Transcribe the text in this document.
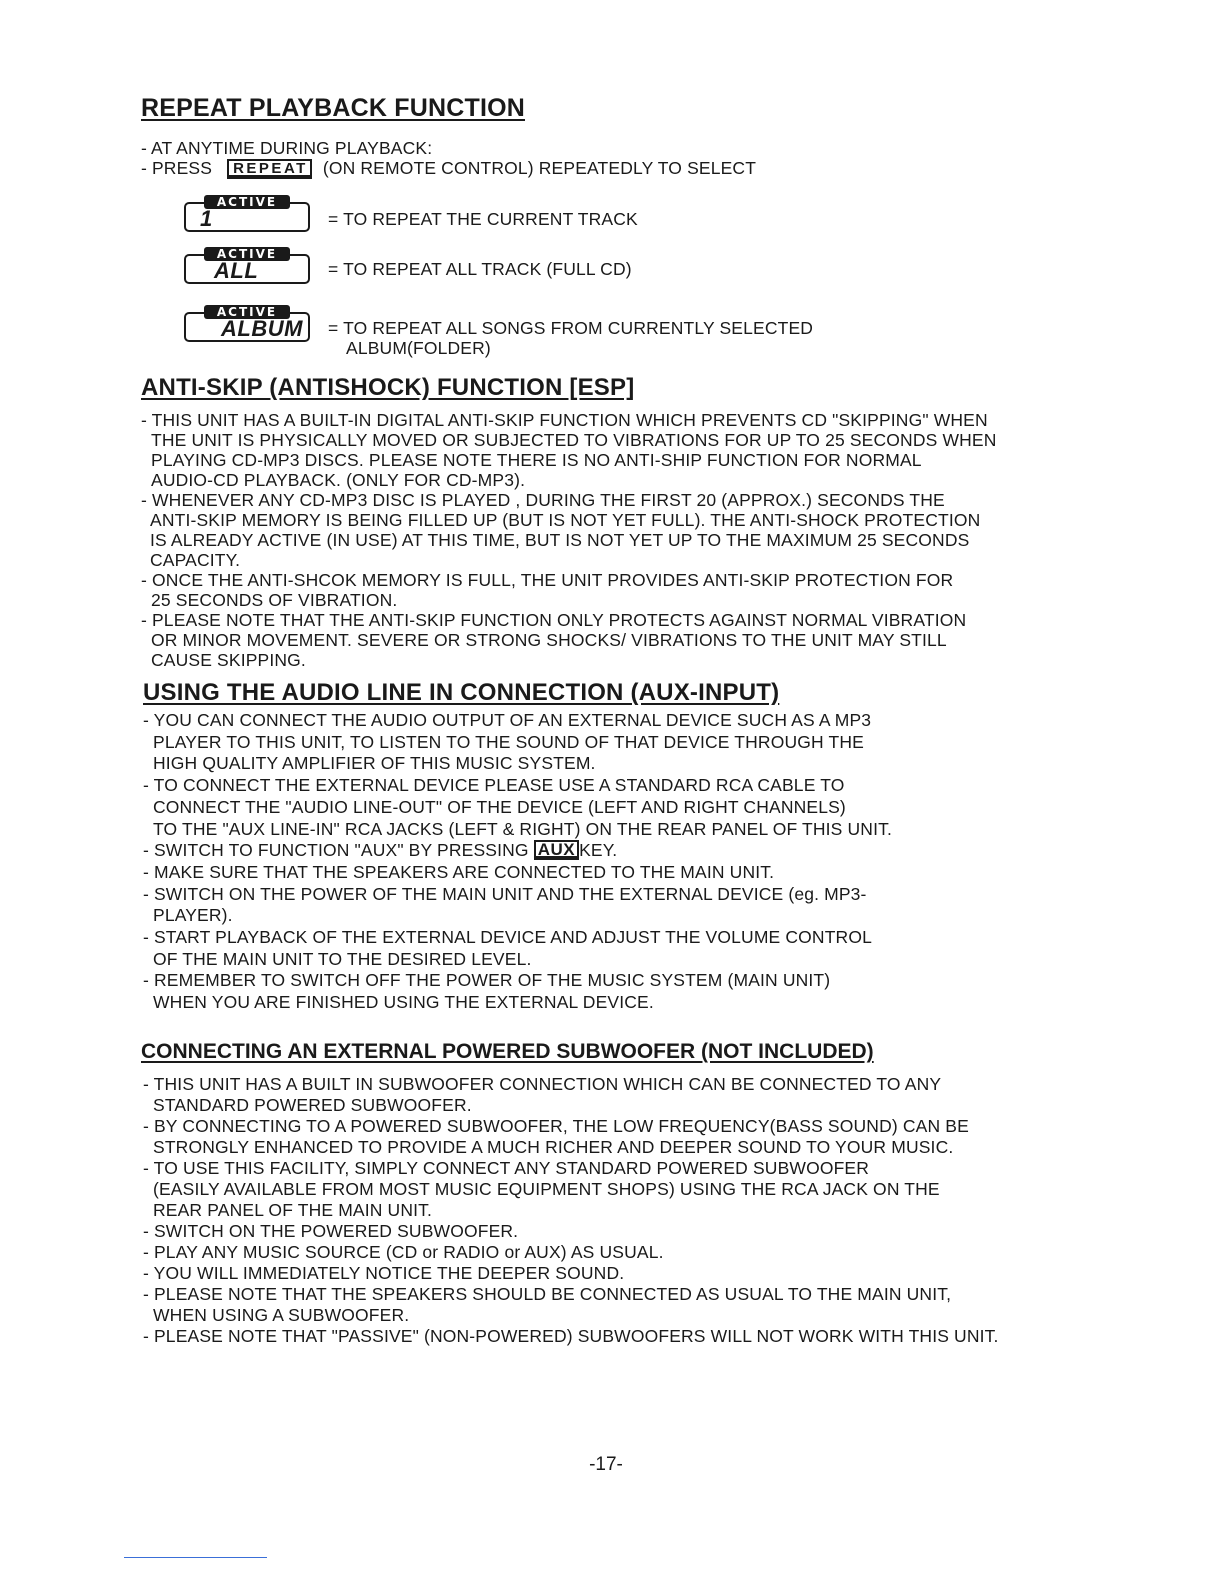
REPEAT PLAYBACK FUNCTION
- AT ANYTIME DURING PLAYBACK:
- PRESS REPEAT (ON REMOTE CONTROL) REPEATEDLY TO SELECT
ACTIVE
1	= TO REPEAT THE CURRENT TRACK
ACTIVE
ALL	= TO REPEAT ALL TRACK (FULL CD)
ACTIVE
ALBUM = TO REPEAT ALL SONGS FROM CURRENTLY SELECTED
ALBUM(FOLDER)
ANTI-SKIP (ANTISHOCK) FUNCTION [ESP]
- THIS UNIT HAS A BUILT-IN DIGITAL ANTI-SKIP FUNCTION WHICH PREVENTS CD "SKIPPING" WHEN
THE UNIT IS PHYSICALLY MOVED OR SUBJECTED TO VIBRATIONS FOR UP TO 25 SECONDS WHEN
PLAYING CD-MP3 DISCS. PLEASE NOTE THERE IS NO ANTI-SHIP FUNCTION FOR NORMAL
AUDIO-CD PLAYBACK. (ONLY FOR CD-MP3).
- WHENEVER ANY CD-MP3 DISC IS PLAYED , DURING THE FIRST 20 (APPROX.) SECONDS THE
ANTI-SKIP MEMORY IS BEING FILLED UP (BUT IS NOT YET FULL). THE ANTI-SHOCK PROTECTION
IS ALREADY ACTIVE (IN USE) AT THIS TIME, BUT IS NOT YET UP TO THE MAXIMUM 25 SECONDS
CAPACITY.
- ONCE THE ANTI-SHCOK MEMORY IS FULL, THE UNIT PROVIDES ANTI-SKIP PROTECTION FOR
25 SECONDS OF VIBRATION.
- PLEASE NOTE THAT THE ANTI-SKIP FUNCTION ONLY PROTECTS AGAINST NORMAL VIBRATION
OR MINOR MOVEMENT. SEVERE OR STRONG SHOCKS/ VIBRATIONS TO THE UNIT MAY STILL
CAUSE SKIPPING.
USING THE AUDIO LINE IN CONNECTION (AUX-INPUT)
- YOU CAN CONNECT THE AUDIO OUTPUT OF AN EXTERNAL DEVICE SUCH AS A MP3
PLAYER TO THIS UNIT, TO LISTEN TO THE SOUND OF THAT DEVICE THROUGH THE
HIGH QUALITY AMPLIFIER OF THIS MUSIC SYSTEM.
- TO CONNECT THE EXTERNAL DEVICE PLEASE USE A STANDARD RCA CABLE TO
CONNECT THE "AUDIO LINE-OUT" OF THE DEVICE (LEFT AND RIGHT CHANNELS)
TO THE "AUX LINE-IN" RCA JACKS (LEFT & RIGHT) ON THE REAR PANEL OF THIS UNIT.
- SWITCH TO FUNCTION "AUX" BY PRESSING AUX KEY.
- MAKE SURE THAT THE SPEAKERS ARE CONNECTED TO THE MAIN UNIT.
- SWITCH ON THE POWER OF THE MAIN UNIT AND THE EXTERNAL DEVICE (eg. MP3-
PLAYER).
- START PLAYBACK OF THE EXTERNAL DEVICE AND ADJUST THE VOLUME CONTROL
OF THE MAIN UNIT TO THE DESIRED LEVEL.
- REMEMBER TO SWITCH OFF THE POWER OF THE MUSIC SYSTEM (MAIN UNIT)
WHEN YOU ARE FINISHED USING THE EXTERNAL DEVICE.
CONNECTING AN EXTERNAL POWERED SUBWOOFER (NOT INCLUDED)
- THIS UNIT HAS A BUILT IN SUBWOOFER CONNECTION WHICH CAN BE CONNECTED TO ANY
STANDARD POWERED SUBWOOFER.
- BY CONNECTING TO A POWERED SUBWOOFER, THE LOW FREQUENCY(BASS SOUND) CAN BE
STRONGLY ENHANCED TO PROVIDE A MUCH RICHER AND DEEPER SOUND TO YOUR MUSIC.
- TO USE THIS FACILITY, SIMPLY CONNECT ANY STANDARD POWERED SUBWOOFER
(EASILY AVAILABLE FROM MOST MUSIC EQUIPMENT SHOPS) USING THE RCA JACK ON THE
REAR PANEL OF THE MAIN UNIT.
- SWITCH ON THE POWERED SUBWOOFER.
- PLAY ANY MUSIC SOURCE (CD or RADIO or AUX) AS USUAL.
- YOU WILL IMMEDIATELY NOTICE THE DEEPER SOUND.
- PLEASE NOTE THAT THE SPEAKERS SHOULD BE CONNECTED AS USUAL TO THE MAIN UNIT,
WHEN USING A SUBWOOFER.
- PLEASE NOTE THAT "PASSIVE" (NON-POWERED) SUBWOOFERS WILL NOT WORK WITH THIS UNIT.
-17-
